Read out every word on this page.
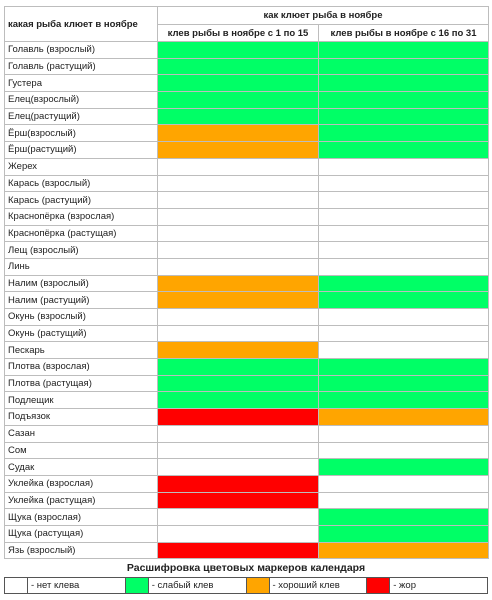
какая рыба клюет в ноябре	как клюет рыба в ноябре	
	клев рыбы в ноябре с 1 по 15	клев рыбы в ноябре с 16 по 31
Голавль (взрослый)		
Голавль (растущий)		
Густера		
Елец(взрослый)		
Елец(растущий)		
Ёрш(взрослый)		
Ёрш(растущий)		
Жерех		
Карась (взрослый)		
Карась (растущий)		
Краснопёрка (взрослая)		
Краснопёрка (растущая)		
Лещ (взрослый)		
Линь		
Налим (взрослый)		
Налим (растущий)		
Окунь (взрослый)		
Окунь (растущий)		
Пескарь		
Плотва (взрослая)		
Плотва (растущая)		
Подлещик		
Подъязок		
Сазан		
Сом		
Судак		
Уклейка (взрослая)		
Уклейка (растущая)		
Щука (взрослая)		
Щука (растущая)		
Язь (взрослый)		
Расшифровка цветовых маркеров календаря
- нет клева	- слабый клев	- хороший клев	- жор
